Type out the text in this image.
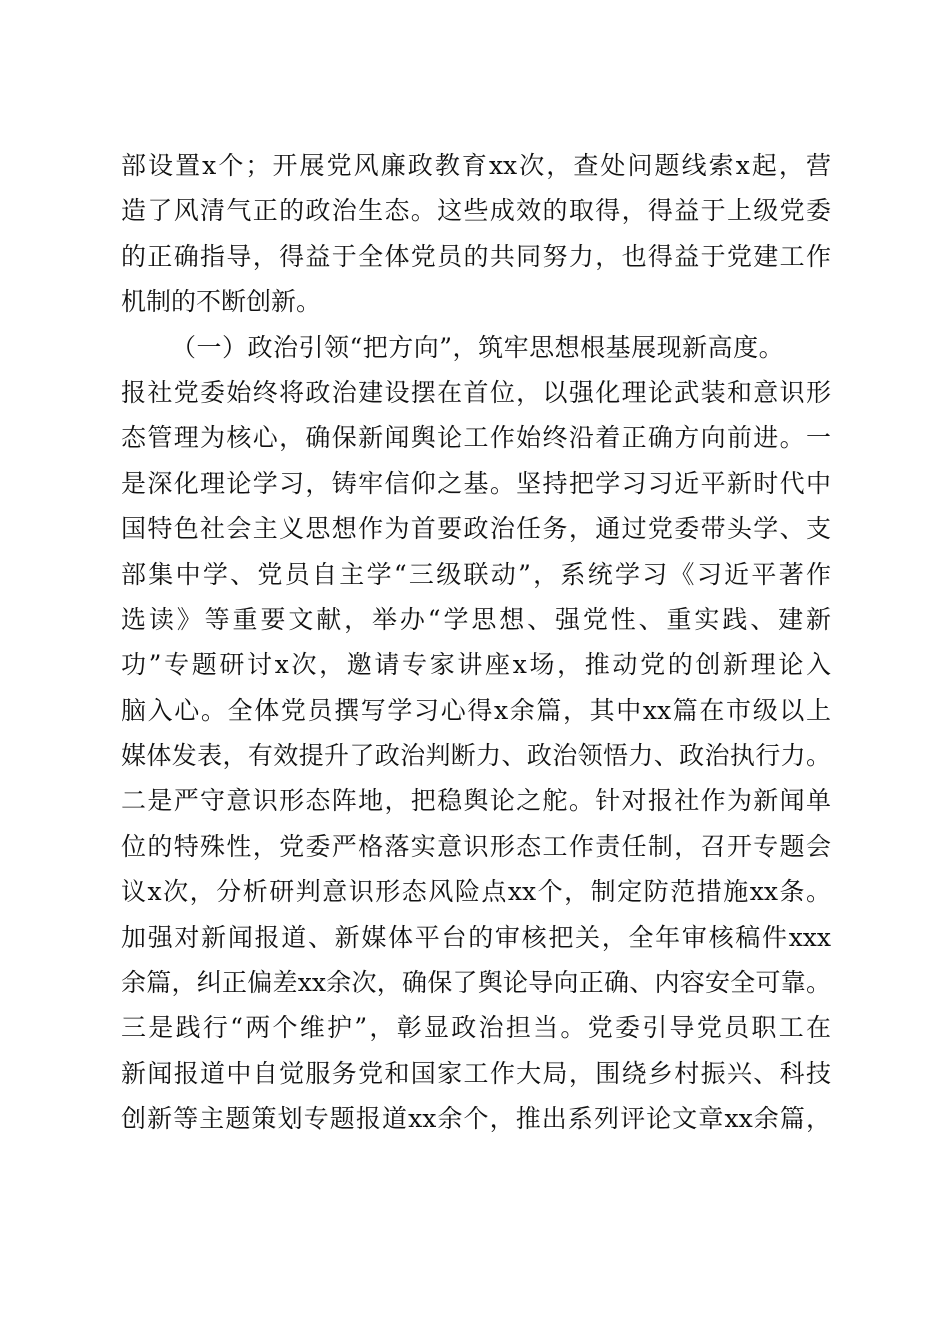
部设置x个；开展党风廉政教育xx次，查处问题线索x起，营
造了风清气正的政治生态。这些成效的取得，得益于上级党委
的正确指导，得益于全体党员的共同努力，也得益于党建工作
机制的不断创新。
（一）政治引领“把方向”，筑牢思想根基展现新高度。
报社党委始终将政治建设摆在首位，以强化理论武装和意识形
态管理为核心，确保新闻舆论工作始终沿着正确方向前进。一
是深化理论学习，铸牢信仰之基。坚持把学习习近平新时代中
国特色社会主义思想作为首要政治任务，通过党委带头学、支
部集中学、党员自主学“三级联动”，系统学习《习近平著作
选读》等重要文献，举办“学思想、强党性、重实践、建新
功”专题研讨x次，邀请专家讲座x场，推动党的创新理论入
脑入心。全体党员撰写学习心得x余篇，其中xx篇在市级以上
媒体发表，有效提升了政治判断力、政治领悟力、政治执行力。
二是严守意识形态阵地，把稳舆论之舵。针对报社作为新闻单
位的特殊性，党委严格落实意识形态工作责任制，召开专题会
议x次，分析研判意识形态风险点xx个，制定防范措施xx条。
加强对新闻报道、新媒体平台的审核把关，全年审核稿件xxx
余篇，纠正偏差xx余次，确保了舆论导向正确、内容安全可靠。
三是践行“两个维护”，彰显政治担当。党委引导党员职工在
新闻报道中自觉服务党和国家工作大局，围绕乡村振兴、科技
创新等主题策划专题报道xx余个，推出系列评论文章xx余篇，
